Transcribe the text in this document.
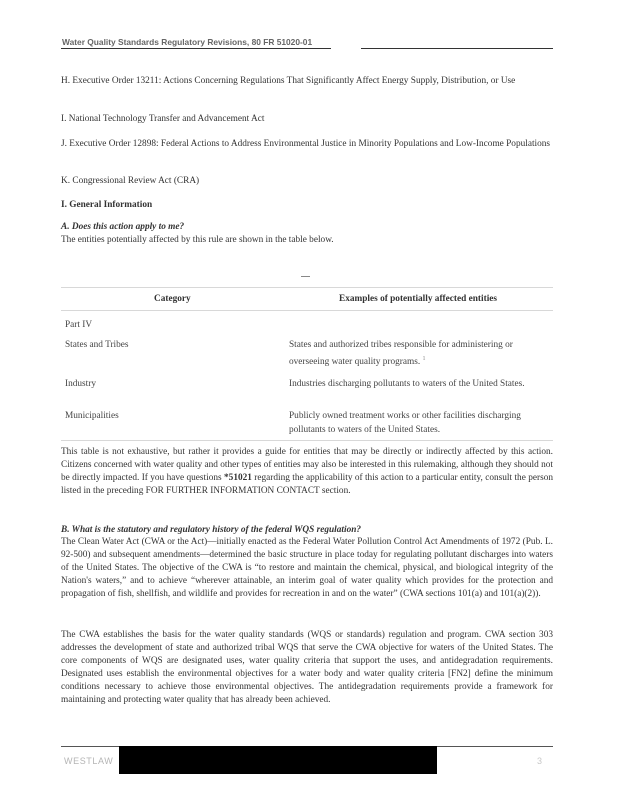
Water Quality Standards Regulatory Revisions, 80 FR 51020-01

H. Executive Order 13211: Actions Concerning Regulations That Significantly Affect Energy Supply, Distribution, or Use

I. National Technology Transfer and Advancement Act

J. Executive Order 12898: Federal Actions to Address Environmental Justice in Minority Populations and Low-Income Populations

K. Congressional Review Act (CRA)

I. General Information

A. Does this action apply to me?

The entities potentially affected by this rule are shown in the table below.

Category	Examples of potentially affected entities
Part IV
States and Tribes	States and authorized tribes responsible for administering or overseeing water quality programs. $^1$
Industry	Industries discharging pollutants to waters of the United States.
Municipalities	Publicly owned treatment works or other facilities discharging pollutants to waters of the United States.

This table is not exhaustive, but rather it provides a guide for entities that may be directly or indirectly affected by this action. Citizens concerned with water quality and other types of entities may also be interested in this rulemaking, although they should not be directly impacted. If you have questions *51021 regarding the applicability of this action to a particular entity, consult the person listed in the preceding FOR FURTHER INFORMATION CONTACT section.

B. What is the statutory and regulatory history of the federal WQS regulation?

The Clean Water Act (CWA or the Act)—initially enacted as the Federal Water Pollution Control Act Amendments of 1972 (Pub. L. 92-500) and subsequent amendments—determined the basic structure in place today for regulating pollutant discharges into waters of the United States. The objective of the CWA is “to restore and maintain the chemical, physical, and biological integrity of the Nation's waters,” and to achieve “wherever attainable, an interim goal of water quality which provides for the protection and propagation of fish, shellfish, and wildlife and provides for recreation in and on the water” (CWA sections 101(a) and 101(a)(2)).

The CWA establishes the basis for the water quality standards (WQS or standards) regulation and program. CWA section 303 addresses the development of state and authorized tribal WQS that serve the CWA objective for waters of the United States. The core components of WQS are designated uses, water quality criteria that support the uses, and antidegradation requirements. Designated uses establish the environmental objectives for a water body and water quality criteria [FN2] define the minimum conditions necessary to achieve those environmental objectives. The antidegradation requirements provide a framework for maintaining and protecting water quality that has already been achieved.

WESTLAW	3
